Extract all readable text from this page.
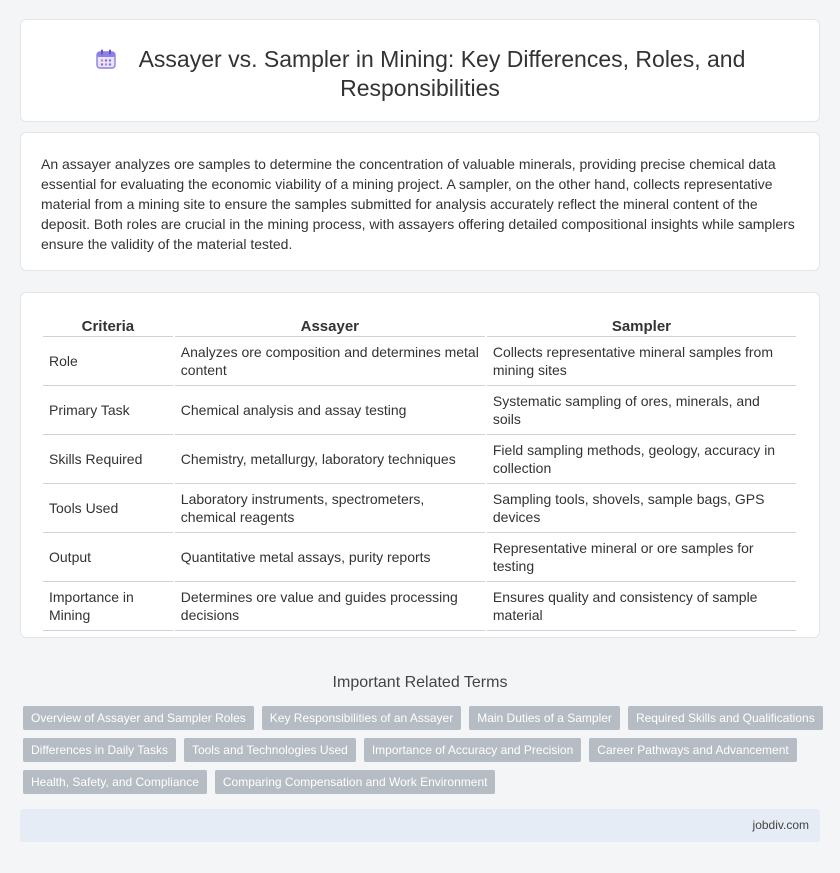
Assayer vs. Sampler in Mining: Key Differences, Roles, and
Responsibilities

An assayer analyzes ore samples to determine the concentration of valuable minerals, providing precise chemical data essential for evaluating the economic viability of a mining project. A sampler, on the other hand, collects representative material from a mining site to ensure the samples submitted for analysis accurately reflect the mineral content of the deposit. Both roles are crucial in the mining process, with assayers offering detailed compositional insights while samplers ensure the validity of the material tested.

Criteria	Assayer	Sampler
Role	Analyzes ore composition and determines metal content	Collects representative mineral samples from mining sites
Primary Task	Chemical analysis and assay testing	Systematic sampling of ores, minerals, and soils
Skills Required	Chemistry, metallurgy, laboratory techniques	Field sampling methods, geology, accuracy in collection
Tools Used	Laboratory instruments, spectrometers, chemical reagents	Sampling tools, shovels, sample bags, GPS devices
Output	Quantitative metal assays, purity reports	Representative mineral or ore samples for testing
Importance in Mining	Determines ore value and guides processing decisions	Ensures quality and consistency of sample material
Important Related Terms
Overview of Assayer and Sampler Roles	Key Responsibilities of an Assayer	Main Duties of a Sampler	Required Skills and Qualifications
Differences in Daily Tasks	Tools and Technologies Used	Importance of Accuracy and Precision	Career Pathways and Advancement
Health, Safety, and Compliance	Comparing Compensation and Work Environment
jobdiv.com
